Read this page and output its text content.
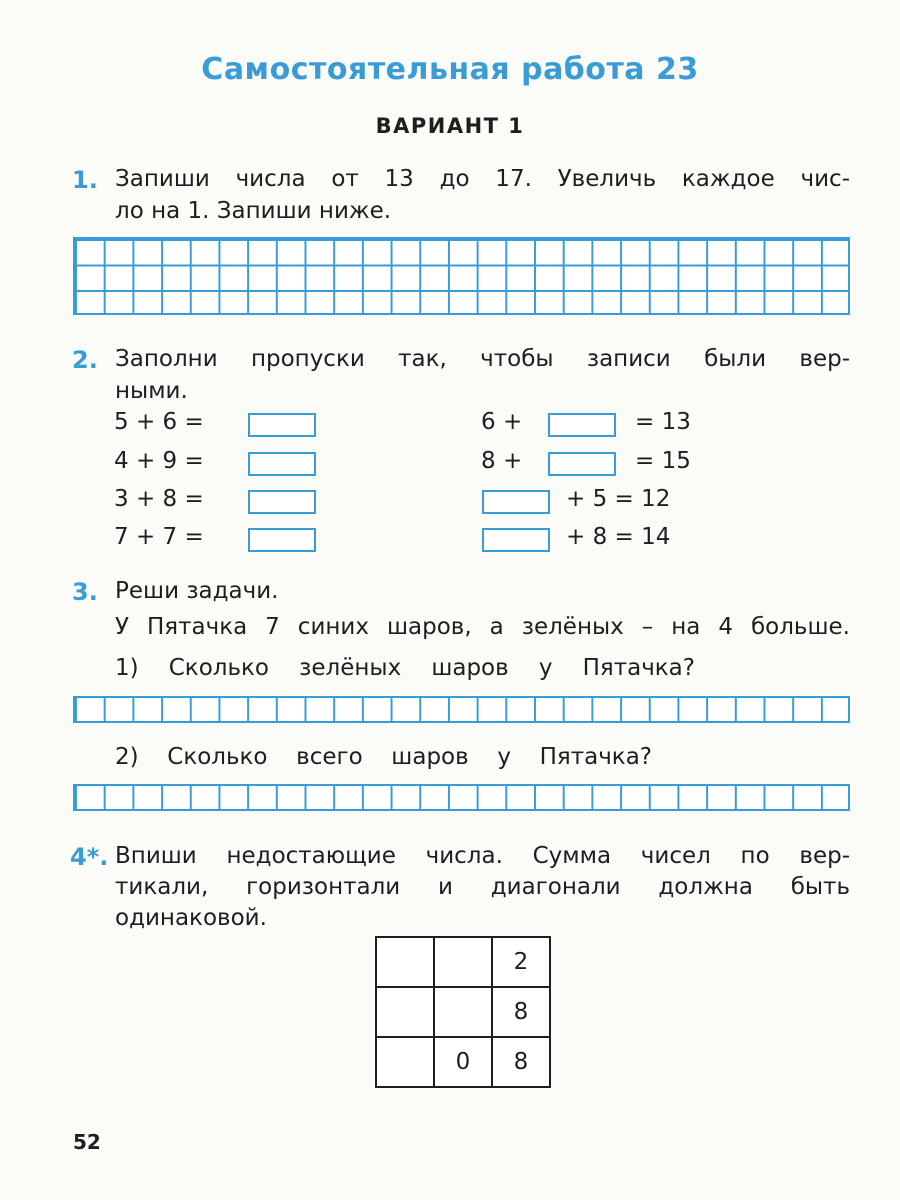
Самостоятельная работа 23
ВАРИАНТ 1
1. Запиши числа от 13 до 17. Увеличь каждое чис-
ло на 1. Запиши ниже.
2. Заполни пропуски так, чтобы записи были вер-
ными.
5 + 6 =
4 + 9 =
3 + 8 =
7 + 7 =
6 +	= 13
8 +	= 15
+ 5 = 12
+ 8 = 14
3. Реши задачи.
У Пятачка 7 синих шаров, а зелёных – на 4 больше.
1) Сколько зелёных шаров у Пятачка?
2) Сколько всего шаров у Пятачка?
4*. Впиши недостающие числа. Сумма чисел по вер-
тикали, горизонтали и диагонали должна быть
одинаковой.
		2
		8
	0	8
52
